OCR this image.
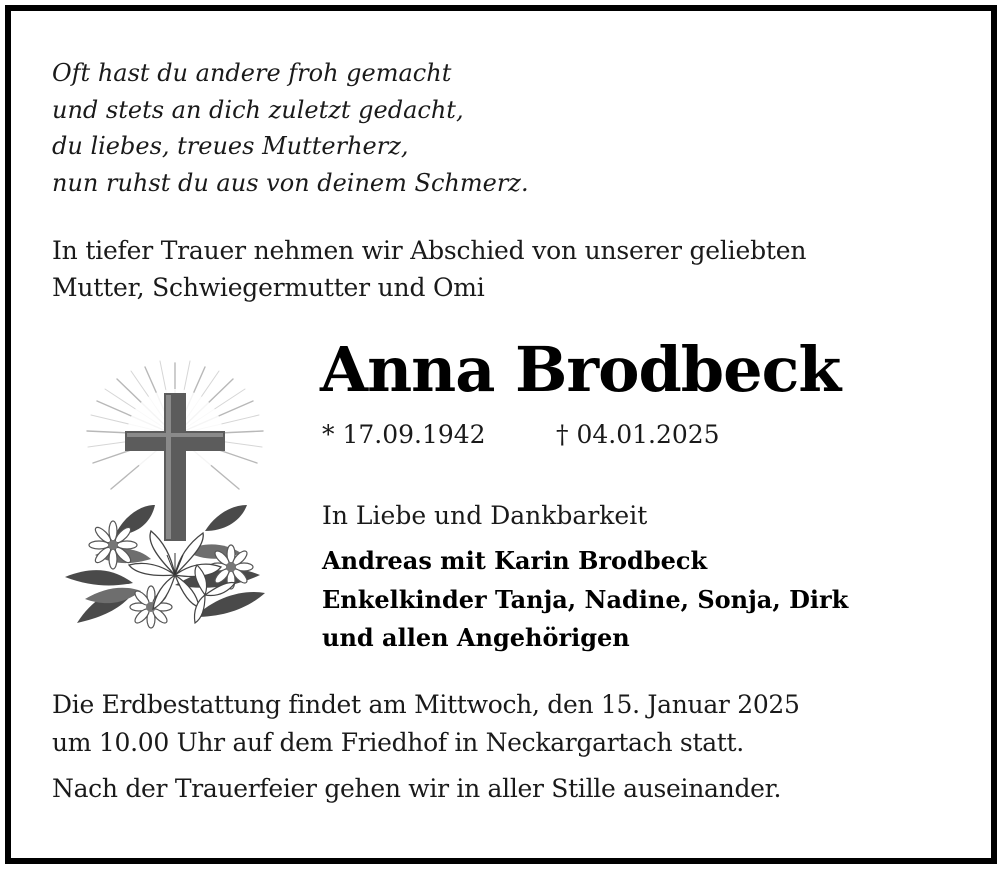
Oft hast du andere froh gemacht
und stets an dich zuletzt gedacht,
du liebes, treues Mutterherz,
nun ruhst du aus von deinem Schmerz.
In tiefer Trauer nehmen wir Abschied von unserer geliebten
Mutter, Schwiegermutter und Omi
Anna Brodbeck
* 17.09.1942	† 04.01.2025
In Liebe und Dankbarkeit
Andreas mit Karin Brodbeck
Enkelkinder Tanja, Nadine, Sonja, Dirk
und allen Angehörigen
Die Erdbestattung findet am Mittwoch, den 15. Januar 2025
um 10.00 Uhr auf dem Friedhof in Neckargartach statt.
Nach der Trauerfeier gehen wir in aller Stille auseinander.
